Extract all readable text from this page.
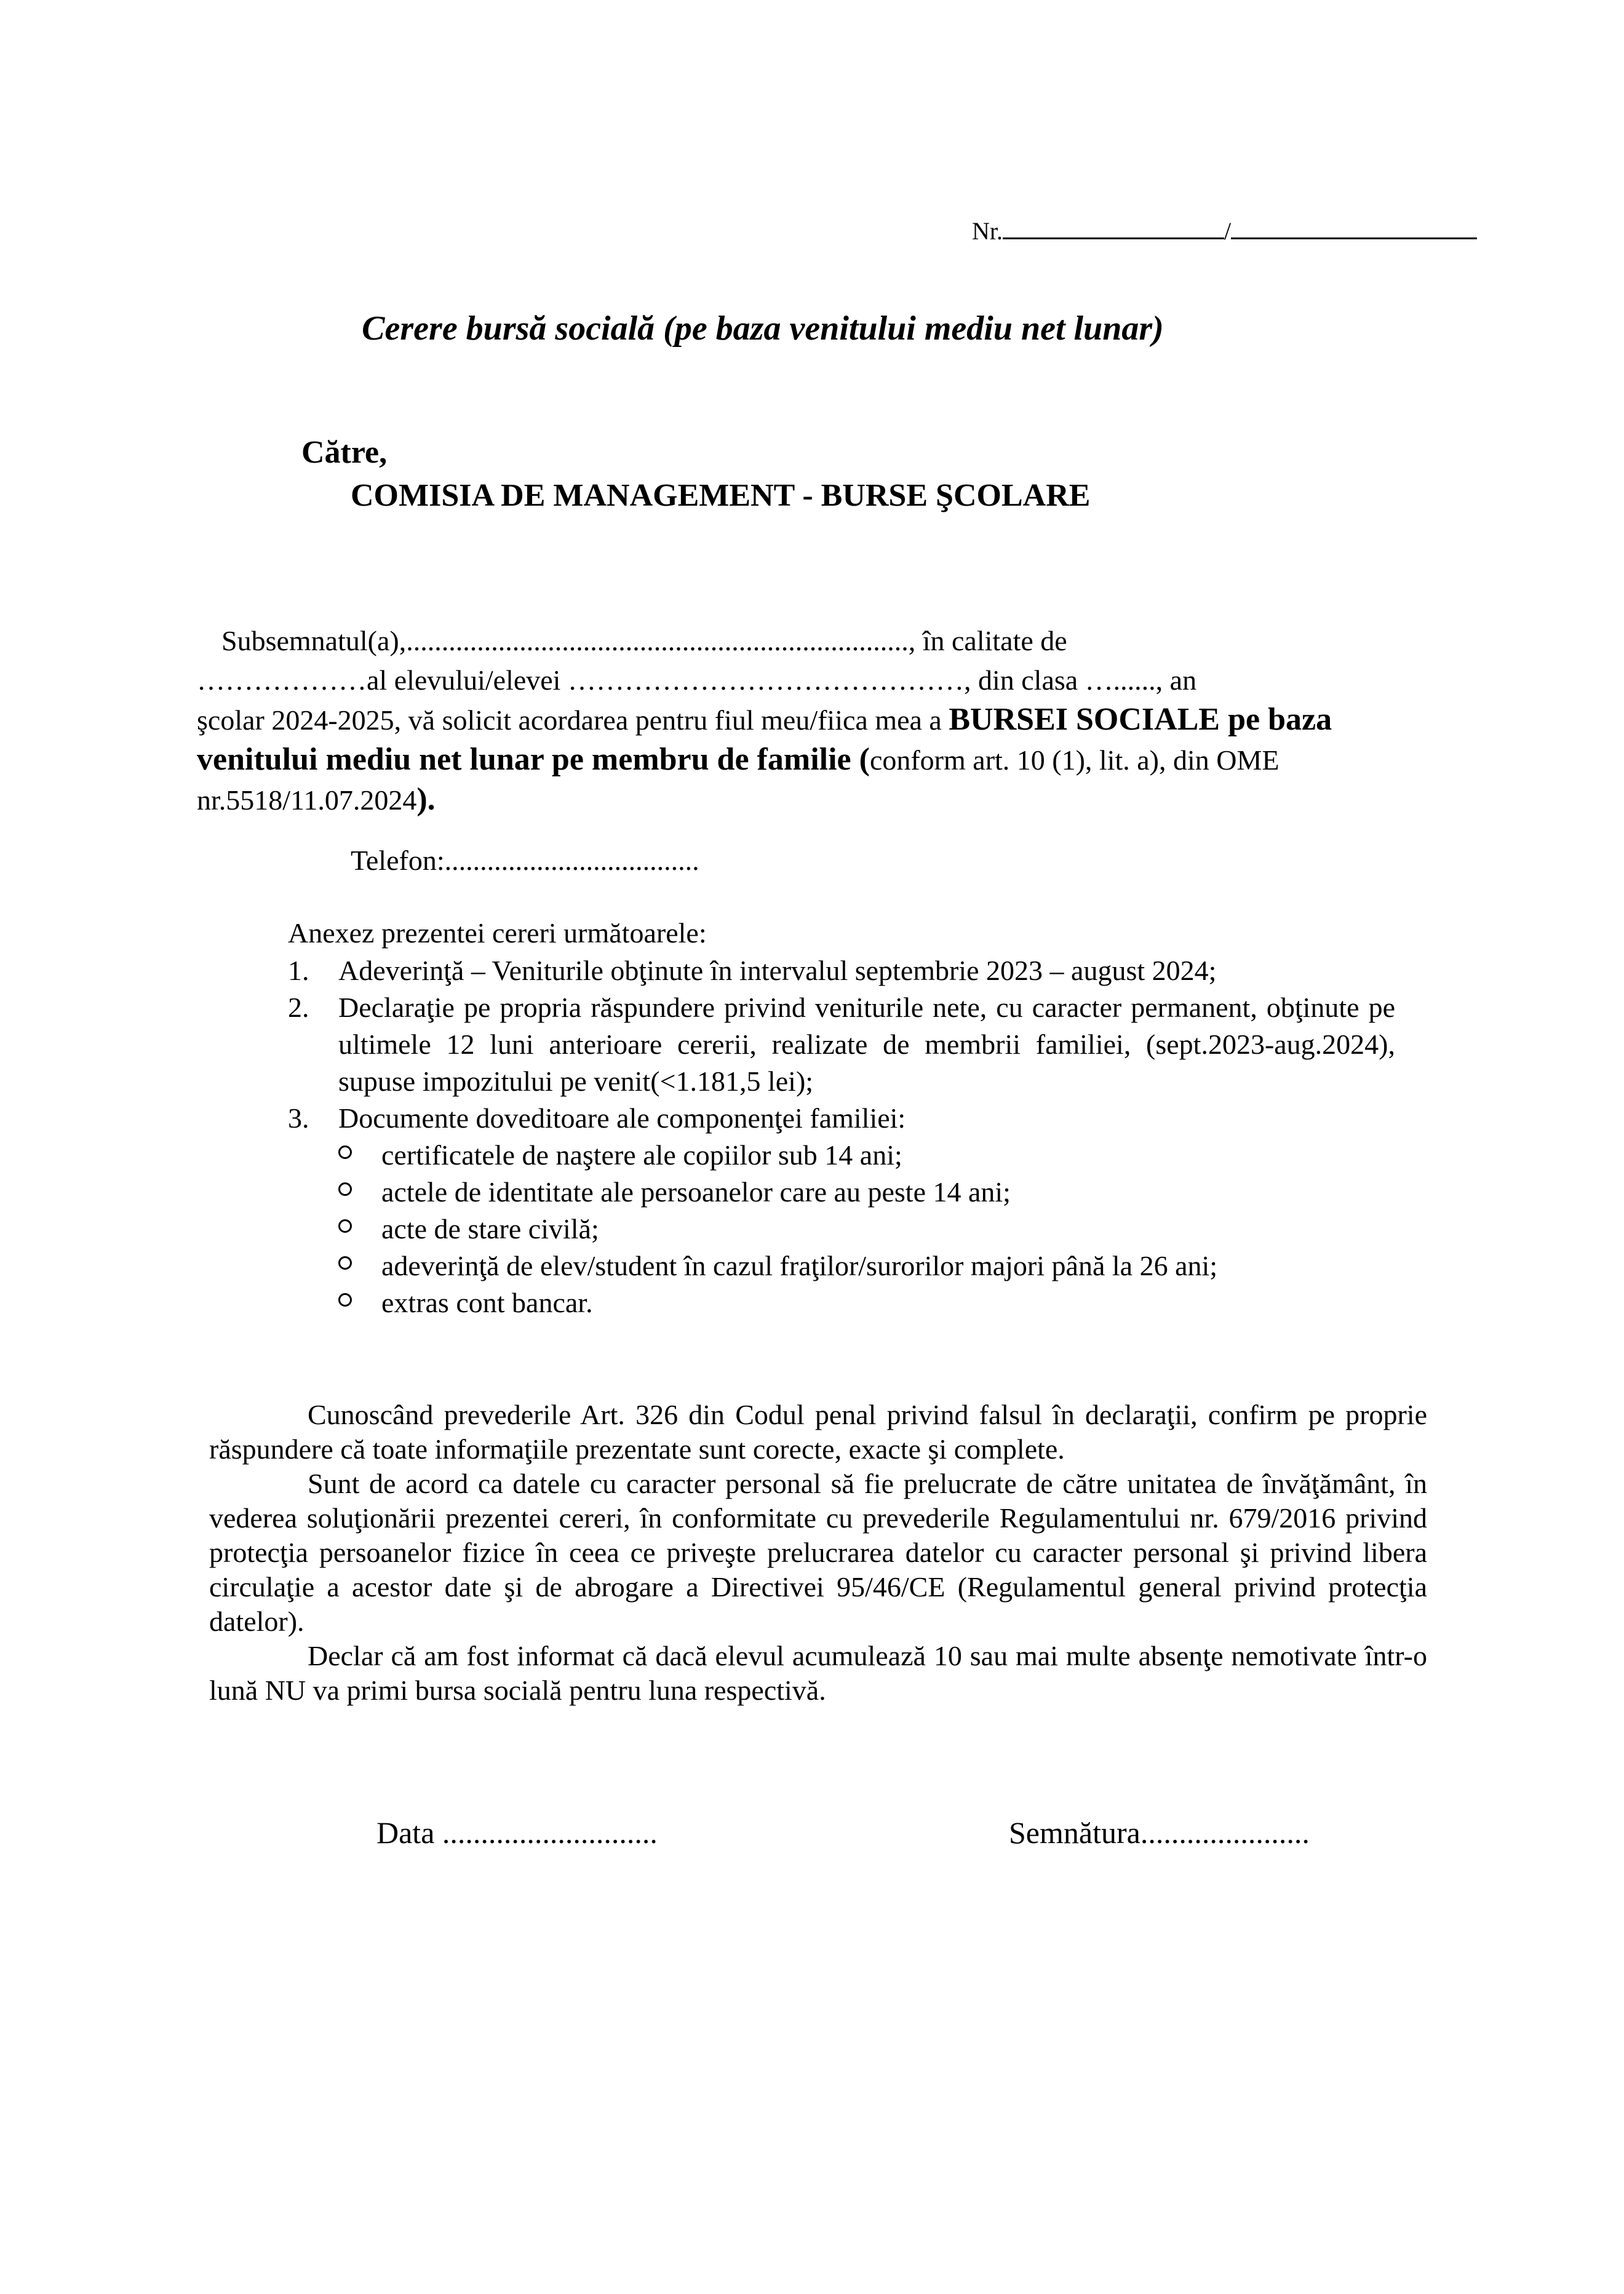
Nr.	/
Cerere bursă socială (pe baza venitului mediu net lunar)
Către,
COMISIA DE MANAGEMENT - BURSE ŞCOLARE
Subsemnatul(a),......................................................................., în calitate de
………………al elevului/elevei ……………………………………, din clasa …......, an
şcolar 2024-2025, vă solicit acordarea pentru fiul meu/fiica mea a BURSEI SOCIALE pe baza venitului mediu net lunar pe membru de familie (conform art. 10 (1), lit. a), din OME nr.5518/11.07.2024).
Telefon:....................................
Anexez prezentei cereri următoarele:
1. Adeverinţă – Veniturile obţinute în intervalul septembrie 2023 – august 2024;
2. Declaraţie pe propria răspundere privind veniturile nete, cu caracter permanent, obţinute pe ultimele 12 luni anterioare cererii, realizate de membrii familiei, (sept.2023-aug.2024), supuse impozitului pe venit(<1.181,5 lei);
3. Documente doveditoare ale componenţei familiei:
certificatele de naştere ale copiilor sub 14 ani;
actele de identitate ale persoanelor care au peste 14 ani;
acte de stare civilă;
adeverinţă de elev/student în cazul fraţilor/surorilor majori până la 26 ani;
extras cont bancar.

Cunoscând prevederile Art. 326 din Codul penal privind falsul în declaraţii, confirm pe proprie răspundere că toate informaţiile prezentate sunt corecte, exacte şi complete.

Sunt de acord ca datele cu caracter personal să fie prelucrate de către unitatea de învăţământ, în vederea soluţionării prezentei cereri, în conformitate cu prevederile Regulamentului nr. 679/2016 privind protecţia persoanelor fizice în ceea ce priveşte prelucrarea datelor cu caracter personal şi privind libera circulaţie a acestor date şi de abrogare a Directivei 95/46/CE (Regulamentul general privind protecţia datelor).

Declar că am fost informat că dacă elevul acumulează 10 sau mai multe absenţe nemotivate într-o lună NU va primi bursa socială pentru luna respectivă.

Data ............................	Semnătura......................
